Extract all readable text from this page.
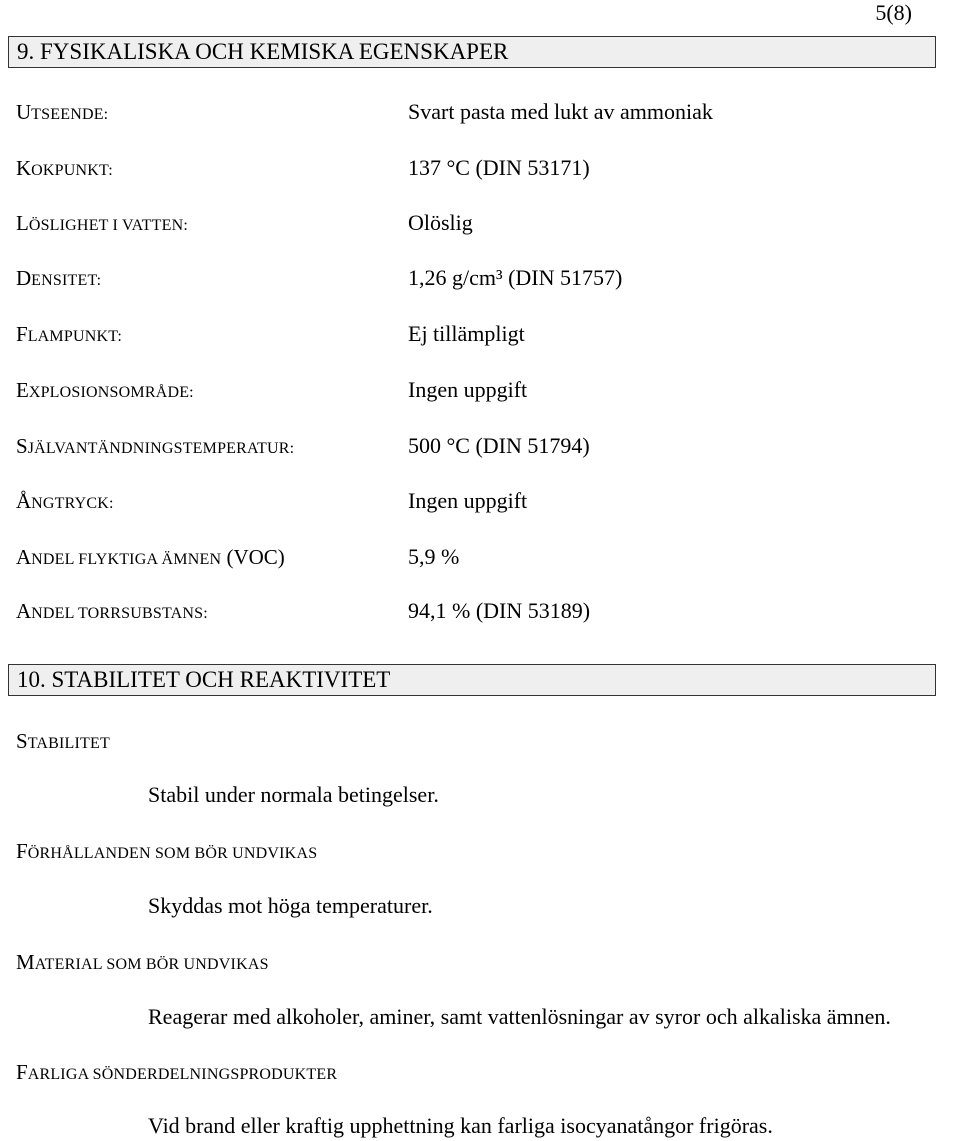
5(8)
9. FYSIKALISKA OCH KEMISKA EGENSKAPER
UTSEENDE:	Svart pasta med lukt av ammoniak
KOKPUNKT:	137 °C (DIN 53171)
LÖSLIGHET I VATTEN:	Olöslig
DENSITET:	1,26 g/cm³ (DIN 51757)
FLAMPUNKT:	Ej tillämpligt
EXPLOSIONSOMRÅDE:	Ingen uppgift
SJÄLVANTÄNDNINGSTEMPERATUR:	500 °C (DIN 51794)
ÅNGTRYCK:	Ingen uppgift
ANDEL FLYKTIGA ÄMNEN (VOC)	5,9 %
ANDEL TORRSUBSTANS:	94,1 % (DIN 53189)
10. STABILITET OCH REAKTIVITET
STABILITET
Stabil under normala betingelser.
FÖRHÅLLANDEN SOM BÖR UNDVIKAS
Skyddas mot höga temperaturer.
MATERIAL SOM BÖR UNDVIKAS
Reagerar med alkoholer, aminer, samt vattenlösningar av syror och alkaliska ämnen.
FARLIGA SÖNDERDELNINGSPRODUKTER
Vid brand eller kraftig upphettning kan farliga isocyanatångor frigöras.
